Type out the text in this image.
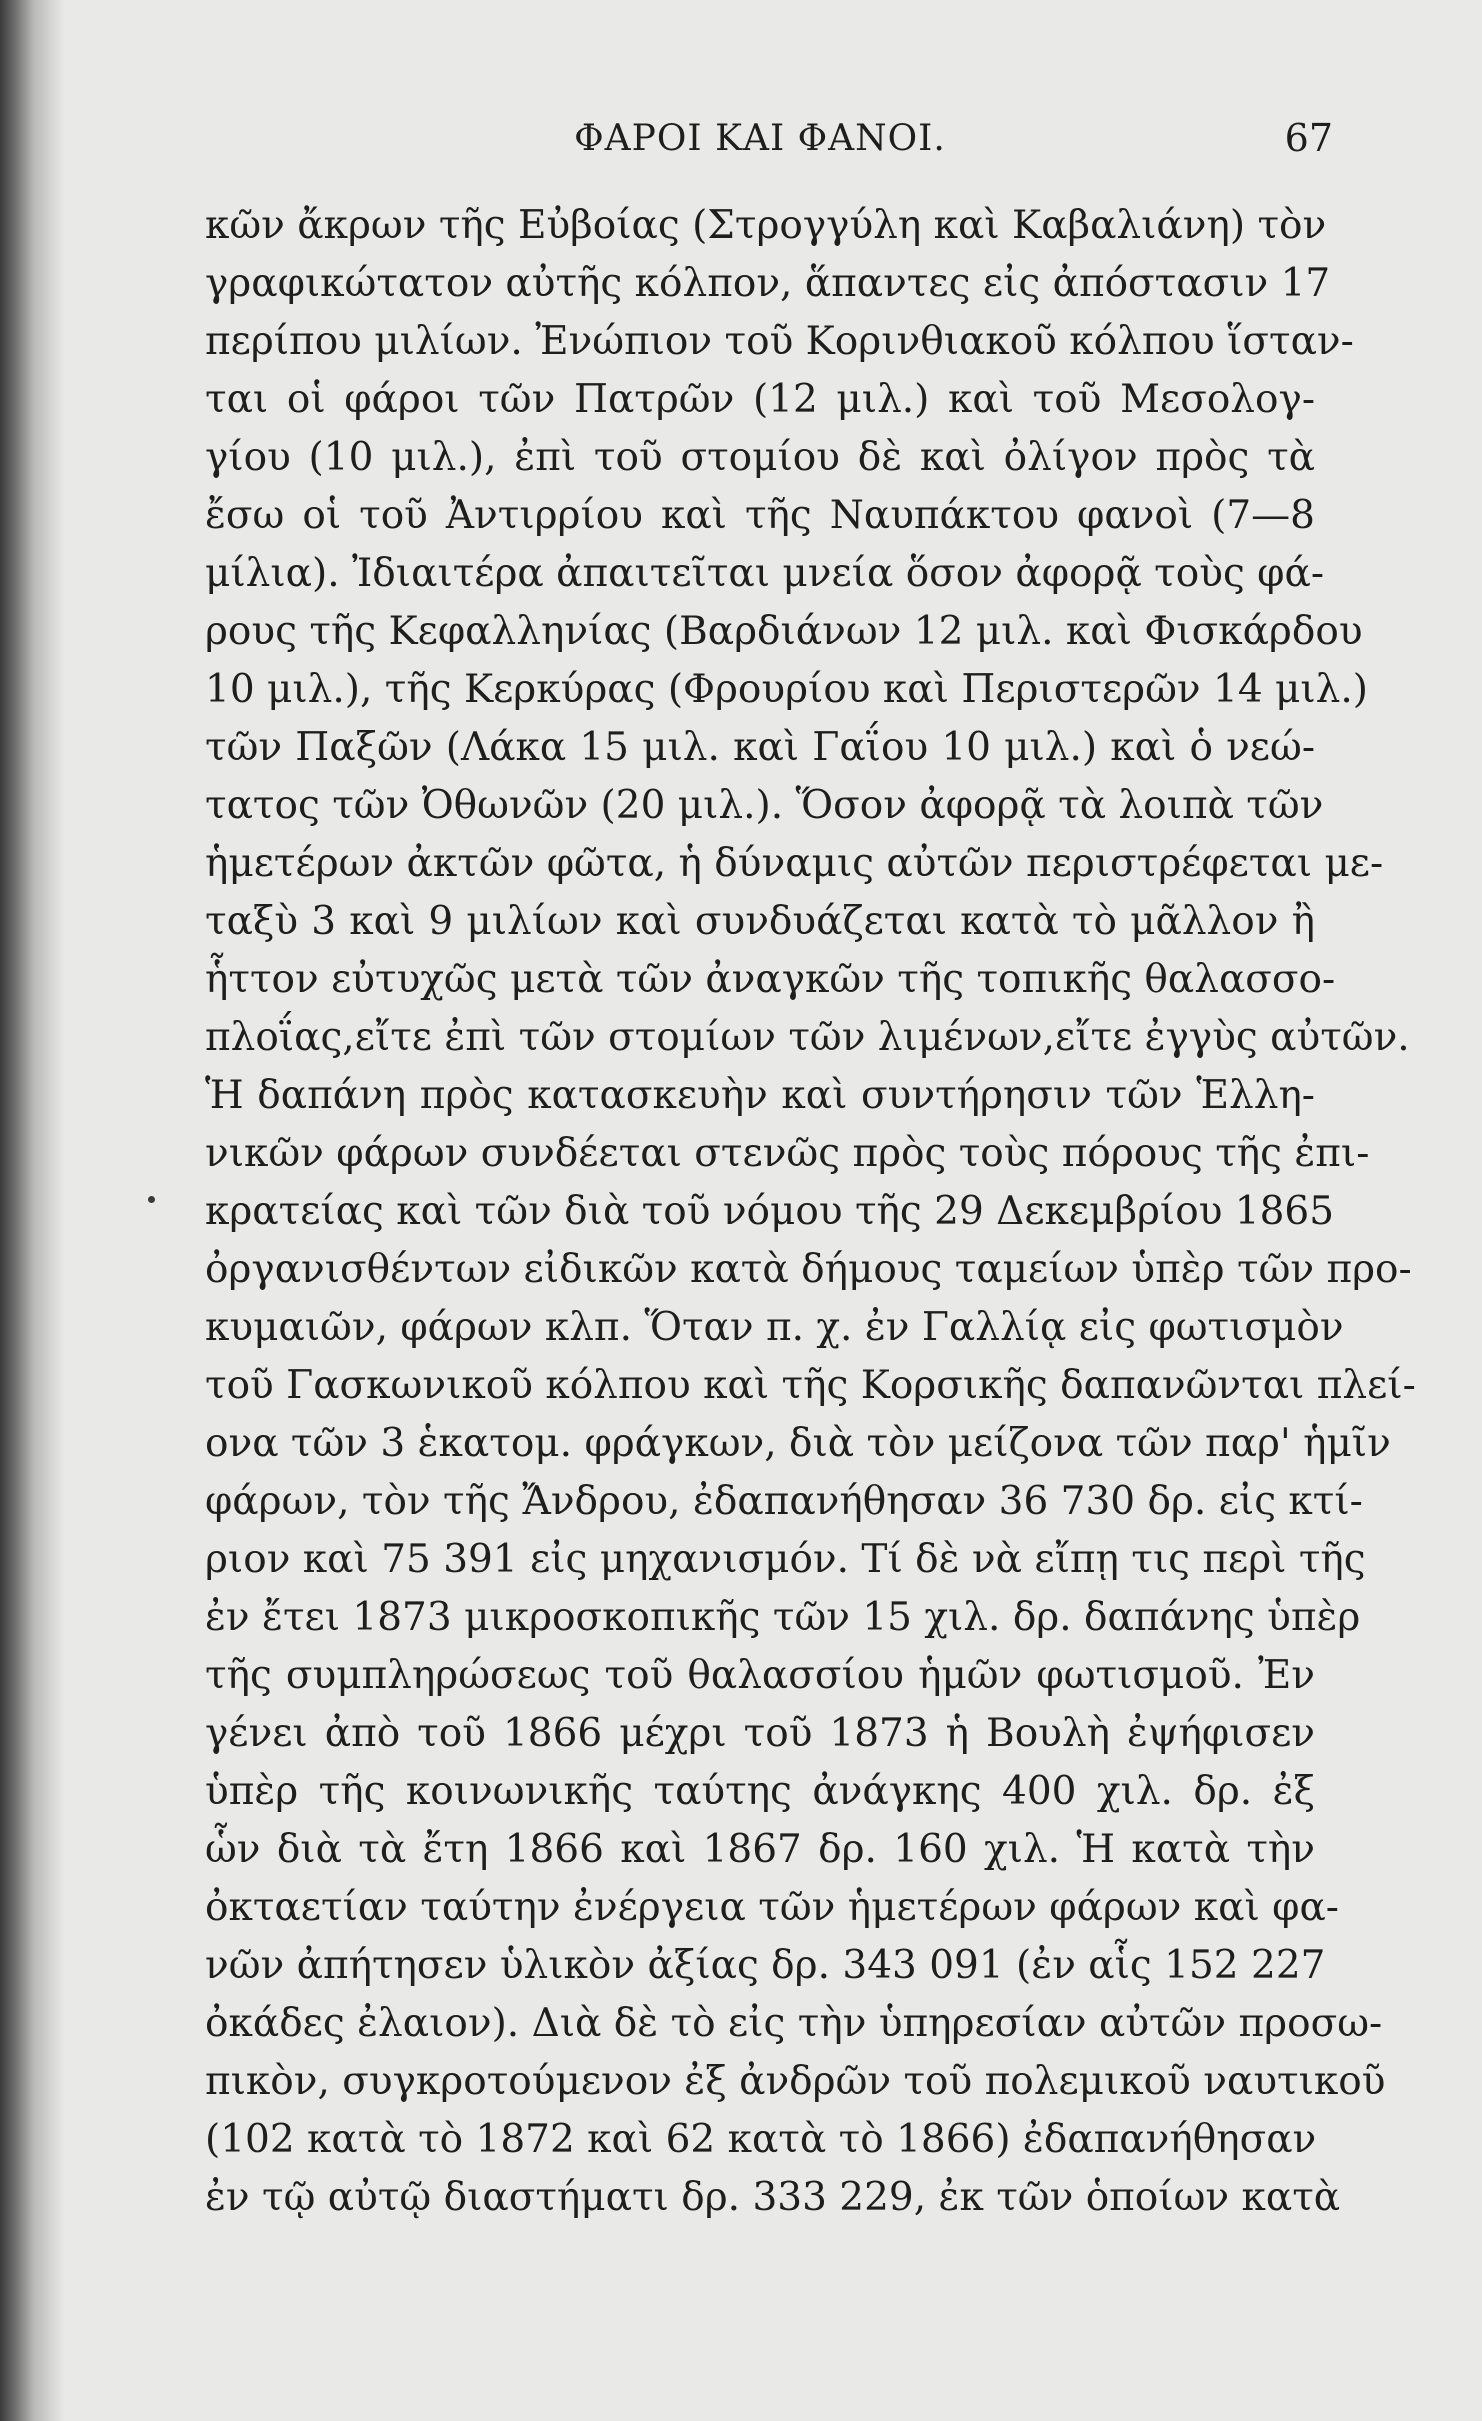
ΦΑΡΟΙ ΚΑΙ ΦΑΝΟΙ.	67
κῶν ἄκρων τῆς Εὐβοίας (Στρογγύλη καὶ Καβαλιάνη) τὸν
γραφικώτατον αὐτῆς κόλπον, ἅπαντες εἰς ἀπόστασιν 17
περίπου μιλίων. Ἐνώπιον τοῦ Κορινθιακοῦ κόλπου ἵσταν-
ται οἱ φάροι τῶν Πατρῶν (12 μιλ.) καὶ τοῦ Μεσολογ-
γίου (10 μιλ.), ἐπὶ τοῦ στομίου δὲ καὶ ὀλίγον πρὸς τὰ
ἔσω οἱ τοῦ Ἀντιρρίου καὶ τῆς Ναυπάκτου φανοὶ (7—8
μίλια). Ἰδιαιτέρα ἀπαιτεῖται μνεία ὅσον ἀφορᾷ τοὺς φά-
ρους τῆς Κεφαλληνίας (Βαρδιάνων 12 μιλ. καὶ Φισκάρδου
10 μιλ.), τῆς Κερκύρας (Φρουρίου καὶ Περιστερῶν 14 μιλ.)
τῶν Παξῶν (Λάκα 15 μιλ. καὶ Γαΐου 10 μιλ.) καὶ ὁ νεώ-
τατος τῶν Ὀθωνῶν (20 μιλ.). Ὅσον ἀφορᾷ τὰ λοιπὰ τῶν
ἡμετέρων ἀκτῶν φῶτα, ἡ δύναμις αὐτῶν περιστρέφεται με-
ταξὺ 3 καὶ 9 μιλίων καὶ συνδυάζεται κατὰ τὸ μᾶλλον ἢ
ἧττον εὐτυχῶς μετὰ τῶν ἀναγκῶν τῆς τοπικῆς θαλασσο-
πλοΐας,εἴτε ἐπὶ τῶν στομίων τῶν λιμένων,εἴτε ἐγγὺς αὐτῶν.
Ἡ δαπάνη πρὸς κατασκευὴν καὶ συντήρησιν τῶν Ἑλλη-
νικῶν φάρων συνδέεται στενῶς πρὸς τοὺς πόρους τῆς ἐπι-
κρατείας καὶ τῶν διὰ τοῦ νόμου τῆς 29 Δεκεμβρίου 1865
ὀργανισθέντων εἰδικῶν κατὰ δήμους ταμείων ὑπὲρ τῶν προ-
κυμαιῶν, φάρων κλπ. Ὅταν π. χ. ἐν Γαλλίᾳ εἰς φωτισμὸν
τοῦ Γασκωνικοῦ κόλπου καὶ τῆς Κορσικῆς δαπανῶνται πλεί-
ονα τῶν 3 ἑκατομ. φράγκων, διὰ τὸν μείζονα τῶν παρ' ἡμῖν
φάρων, τὸν τῆς Ἄνδρου, ἐδαπανήθησαν 36 730 δρ. εἰς κτί-
ριον καὶ 75 391 εἰς μηχανισμόν. Τί δὲ νὰ εἴπῃ τις περὶ τῆς
ἐν ἔτει 1873 μικροσκοπικῆς τῶν 15 χιλ. δρ. δαπάνης ὑπὲρ
τῆς συμπληρώσεως τοῦ θαλασσίου ἡμῶν φωτισμοῦ. Ἐν
γένει ἀπὸ τοῦ 1866 μέχρι τοῦ 1873 ἡ Βουλὴ ἐψήφισεν
ὑπὲρ τῆς κοινωνικῆς ταύτης ἀνάγκης 400 χιλ. δρ. ἐξ
ὧν διὰ τὰ ἔτη 1866 καὶ 1867 δρ. 160 χιλ. Ἡ κατὰ τὴν
ὀκταετίαν ταύτην ἐνέργεια τῶν ἡμετέρων φάρων καὶ φα-
νῶν ἀπήτησεν ὑλικὸν ἀξίας δρ. 343 091 (ἐν αἷς 152 227
ὀκάδες ἐλαιον). Διὰ δὲ τὸ εἰς τὴν ὑπηρεσίαν αὐτῶν προσω-
πικὸν, συγκροτούμενον ἐξ ἀνδρῶν τοῦ πολεμικοῦ ναυτικοῦ
(102 κατὰ τὸ 1872 καὶ 62 κατὰ τὸ 1866) ἐδαπανήθησαν
ἐν τῷ αὐτῷ διαστήματι δρ. 333 229, ἐκ τῶν ὁποίων κατὰ
